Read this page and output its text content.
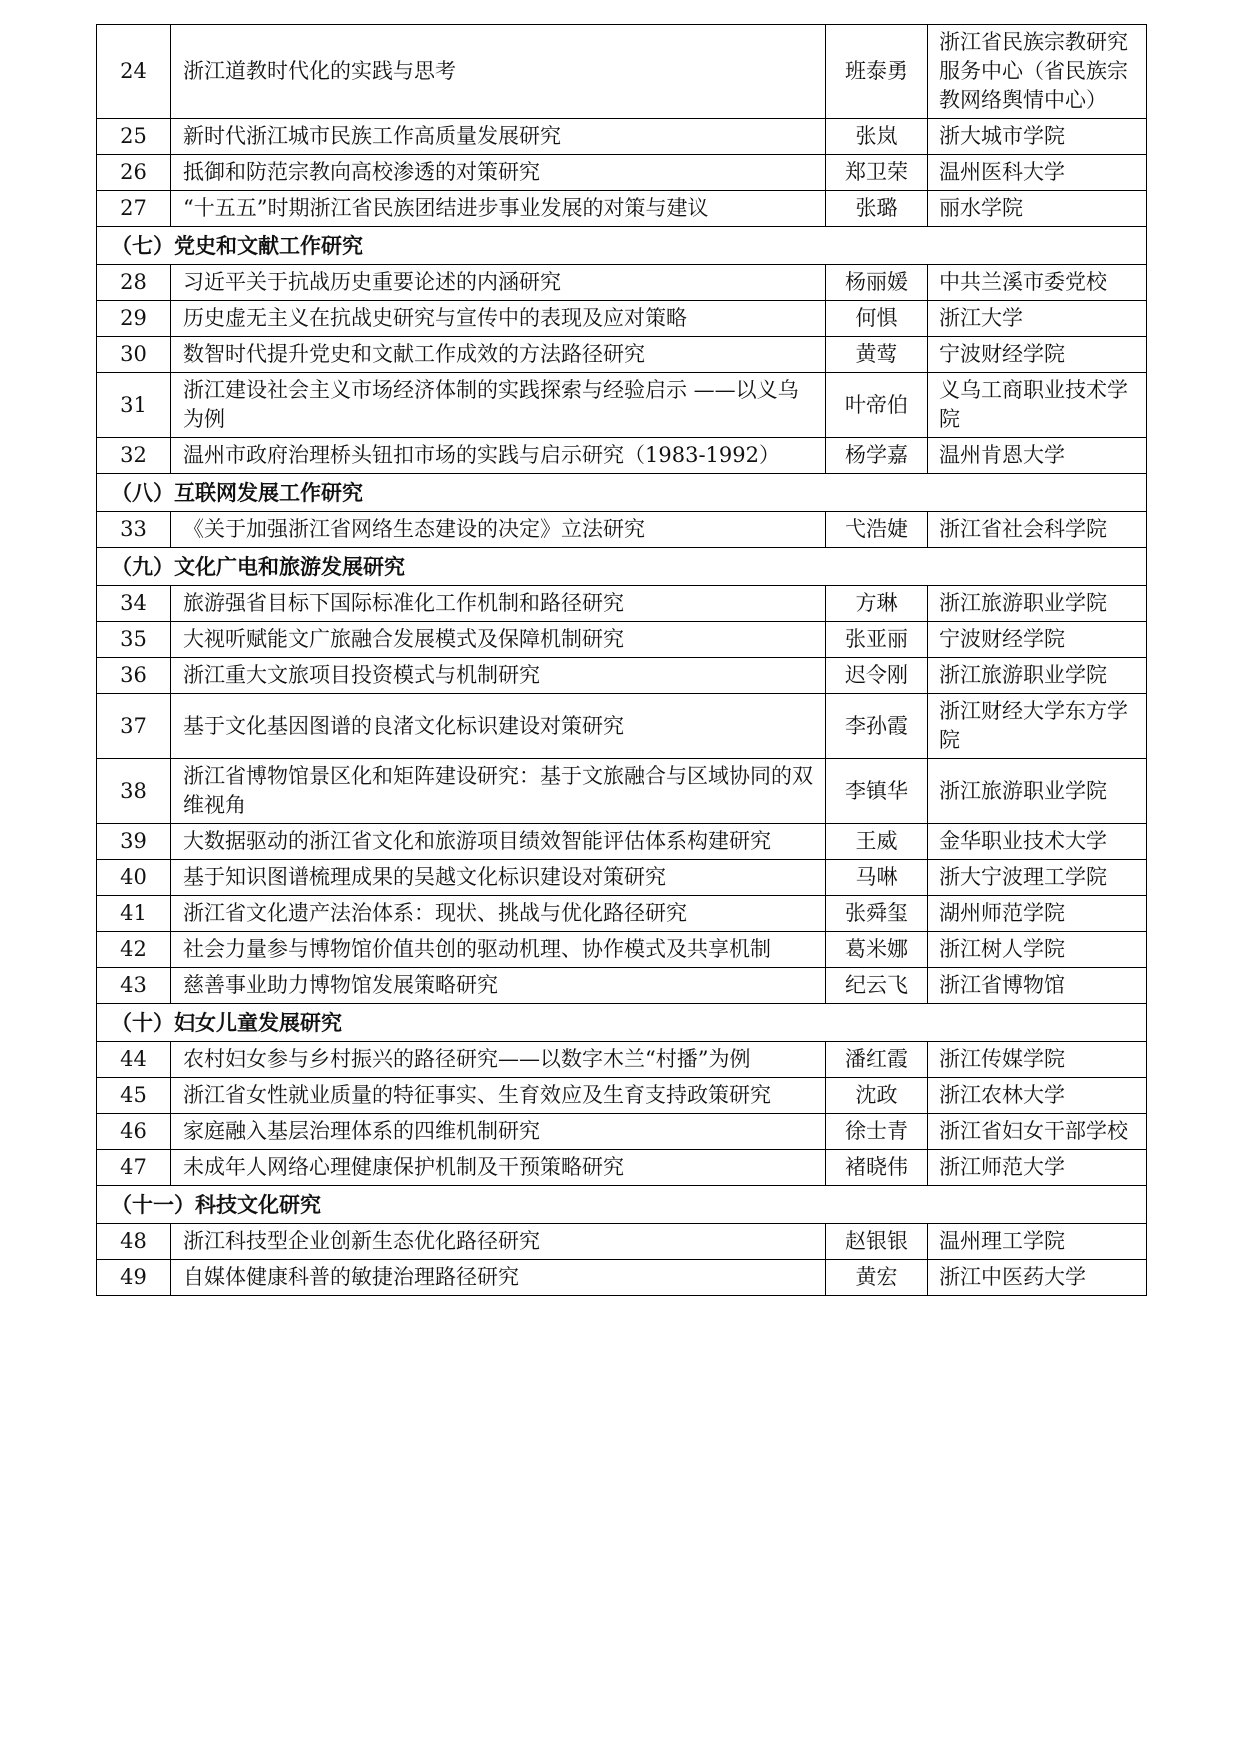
24	浙江道教时代化的实践与思考	班泰勇	浙江省民族宗教研究服务中心（省民族宗教网络舆情中心）
25	新时代浙江城市民族工作高质量发展研究	张岚	浙大城市学院
26	抵御和防范宗教向高校渗透的对策研究	郑卫荣	温州医科大学
27	“十五五”时期浙江省民族团结进步事业发展的对策与建议	张璐	丽水学院
（七）党史和文献工作研究			
28	习近平关于抗战历史重要论述的内涵研究	杨丽媛	中共兰溪市委党校
29	历史虚无主义在抗战史研究与宣传中的表现及应对策略	何惧	浙江大学
30	数智时代提升党史和文献工作成效的方法路径研究	黄莺	宁波财经学院
31	浙江建设社会主义市场经济体制的实践探索与经验启示 ——以义乌为例	叶帝伯	义乌工商职业技术学院
32	温州市政府治理桥头钮扣市场的实践与启示研究（1983-1992）	杨学嘉	温州肯恩大学
（八）互联网发展工作研究			
33	《关于加强浙江省网络生态建设的决定》立法研究	弋浩婕	浙江省社会科学院
（九）文化广电和旅游发展研究			
34	旅游强省目标下国际标准化工作机制和路径研究	方琳	浙江旅游职业学院
35	大视听赋能文广旅融合发展模式及保障机制研究	张亚丽	宁波财经学院
36	浙江重大文旅项目投资模式与机制研究	迟令刚	浙江旅游职业学院
37	基于文化基因图谱的良渚文化标识建设对策研究	李孙霞	浙江财经大学东方学院
38	浙江省博物馆景区化和矩阵建设研究：基于文旅融合与区域协同的双维视角	李镇华	浙江旅游职业学院
39	大数据驱动的浙江省文化和旅游项目绩效智能评估体系构建研究	王威	金华职业技术大学
40	基于知识图谱梳理成果的吴越文化标识建设对策研究	马啉	浙大宁波理工学院
41	浙江省文化遗产法治体系：现状、挑战与优化路径研究	张舜玺	湖州师范学院
42	社会力量参与博物馆价值共创的驱动机理、协作模式及共享机制	葛米娜	浙江树人学院
43	慈善事业助力博物馆发展策略研究	纪云飞	浙江省博物馆
（十）妇女儿童发展研究			
44	农村妇女参与乡村振兴的路径研究——以数字木兰“村播”为例	潘红霞	浙江传媒学院
45	浙江省女性就业质量的特征事实、生育效应及生育支持政策研究	沈政	浙江农林大学
46	家庭融入基层治理体系的四维机制研究	徐士青	浙江省妇女干部学校
47	未成年人网络心理健康保护机制及干预策略研究	褚晓伟	浙江师范大学
（十一）科技文化研究			
48	浙江科技型企业创新生态优化路径研究	赵银银	温州理工学院
49	自媒体健康科普的敏捷治理路径研究	黄宏	浙江中医药大学
